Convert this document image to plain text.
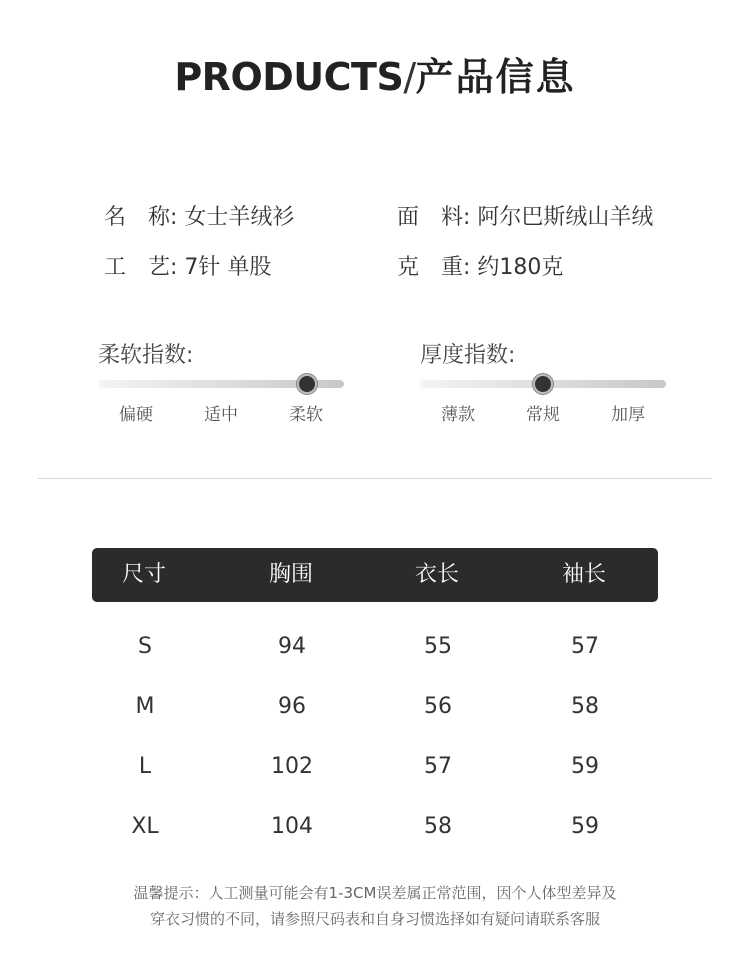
PRODUCTS/产品信息
名　称: 女士羊绒衫	面　料: 阿尔巴斯绒山羊绒
工　艺: 7针 单股	克　重: 约180克
柔软指数:
偏硬	适中	柔软
厚度指数:
薄款	常规	加厚
尺寸	胸围	衣长	袖长
S	94	55	57
M	96	56	58
L	102	57	59
XL	104	58	59
温馨提示：人工测量可能会有1-3CM误差属正常范围，因个人体型差异及
穿衣习惯的不同，请参照尺码表和自身习惯选择如有疑问请联系客服
